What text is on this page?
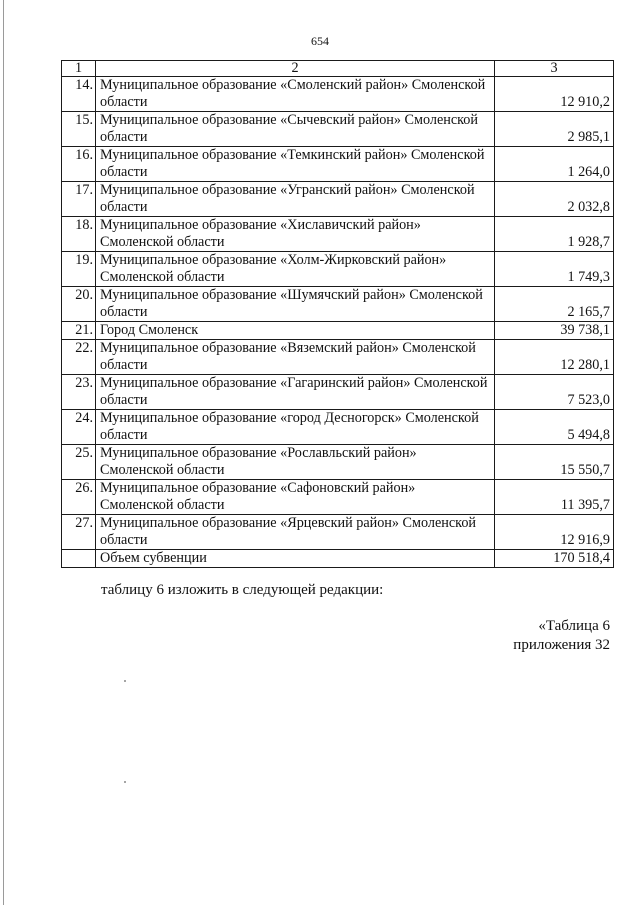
654
1	2	3
14.	Муниципальное образование «Смоленский район» Смоленской области	12 910,2
15.	Муниципальное образование «Сычевский район» Смоленской области	2 985,1
16.	Муниципальное образование «Темкинский район» Смоленской области	1 264,0
17.	Муниципальное образование «Угранский район» Смоленской области	2 032,8
18.	Муниципальное образование «Хиславичский район» Смоленской области	1 928,7
19.	Муниципальное образование «Холм-Жирковский район» Смоленской области	1 749,3
20.	Муниципальное образование «Шумячский район» Смоленской области	2 165,7
21.	Город Смоленск	39 738,1
22.	Муниципальное образование «Вяземский район» Смоленской области	12 280,1
23.	Муниципальное образование «Гагаринский район» Смоленской области	7 523,0
24.	Муниципальное образование «город Десногорск» Смоленской области	5 494,8
25.	Муниципальное образование «Рославльский район» Смоленской области	15 550,7
26.	Муниципальное образование «Сафоновский район» Смоленской области	11 395,7
27.	Муниципальное образование «Ярцевский район» Смоленской области	12 916,9
	Объем субвенции	170 518,4
таблицу 6 изложить в следующей редакции:
«Таблица 6
приложения 32
